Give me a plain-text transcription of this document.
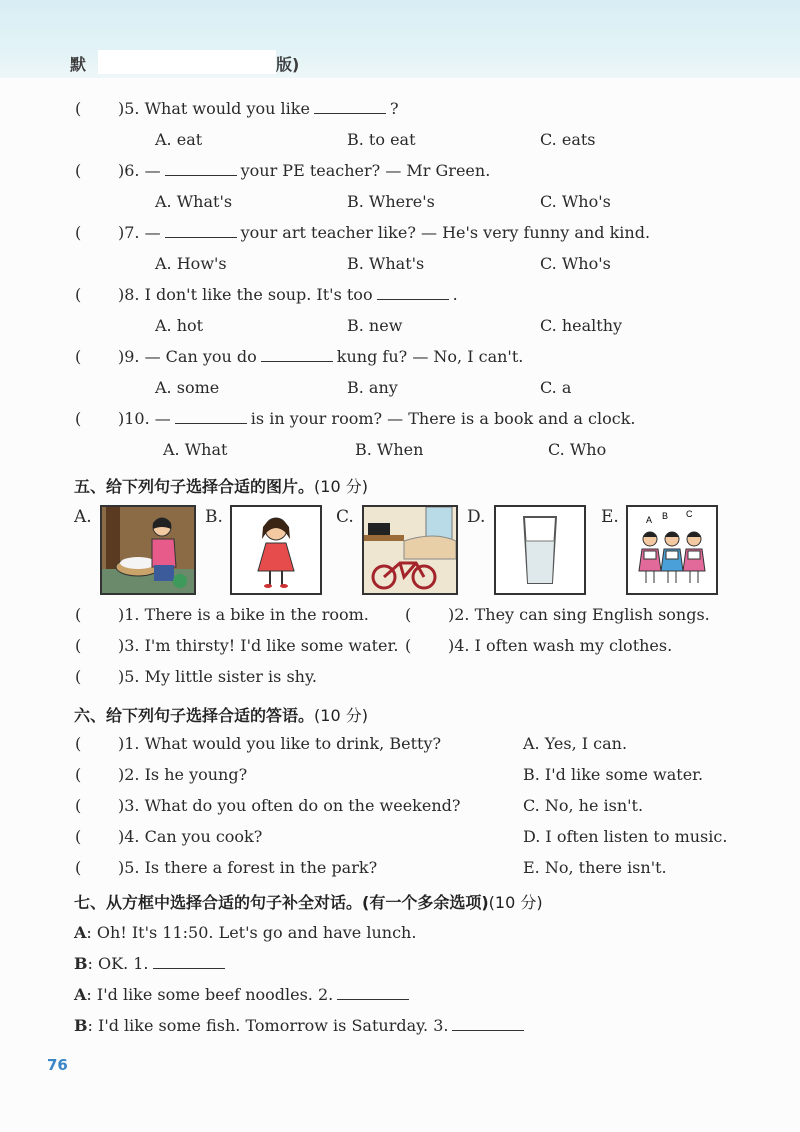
默	版)
( )5. What would you like	?
A. eat	B. to eat	C. eats
( )6. —	your PE teacher? — Mr Green.
A. What's	B. Where's	C. Who's
( )7. —	your art teacher like? — He's very funny and kind.
A. How's	B. What's	C. Who's
( )8. I don't like the soup. It's too	.
A. hot	B. new	C. healthy
( )9. — Can you do	kung fu? — No, I can't.
A. some	B. any	C. a
( )10. —	is in your room? — There is a book and a clock.
A. What	B. When	C. Who
五、给下列句子选择合适的图片。(10 分)
A.	B.	C.	D.	E.	A B C
( )1. There is a bike in the room. ( )2. They can sing English songs.
( )3. I'm thirsty! I'd like some water. ( )4. I often wash my clothes.
( )5. My little sister is shy.
六、给下列句子选择合适的答语。(10 分)
( )1. What would you like to drink, Betty?	A. Yes, I can.
( )2. Is he young?	B. I'd like some water.
( )3. What do you often do on the weekend?	C. No, he isn't.
( )4. Can you cook?	D. I often listen to music.
( )5. Is there a forest in the park?	E. No, there isn't.
七、从方框中选择合适的句子补全对话。(有一个多余选项)(10 分)
A: Oh! It's 11:50. Let's go and have lunch.
B: OK. 1.
A: I'd like some beef noodles. 2.
B: I'd like some fish. Tomorrow is Saturday. 3.
76
